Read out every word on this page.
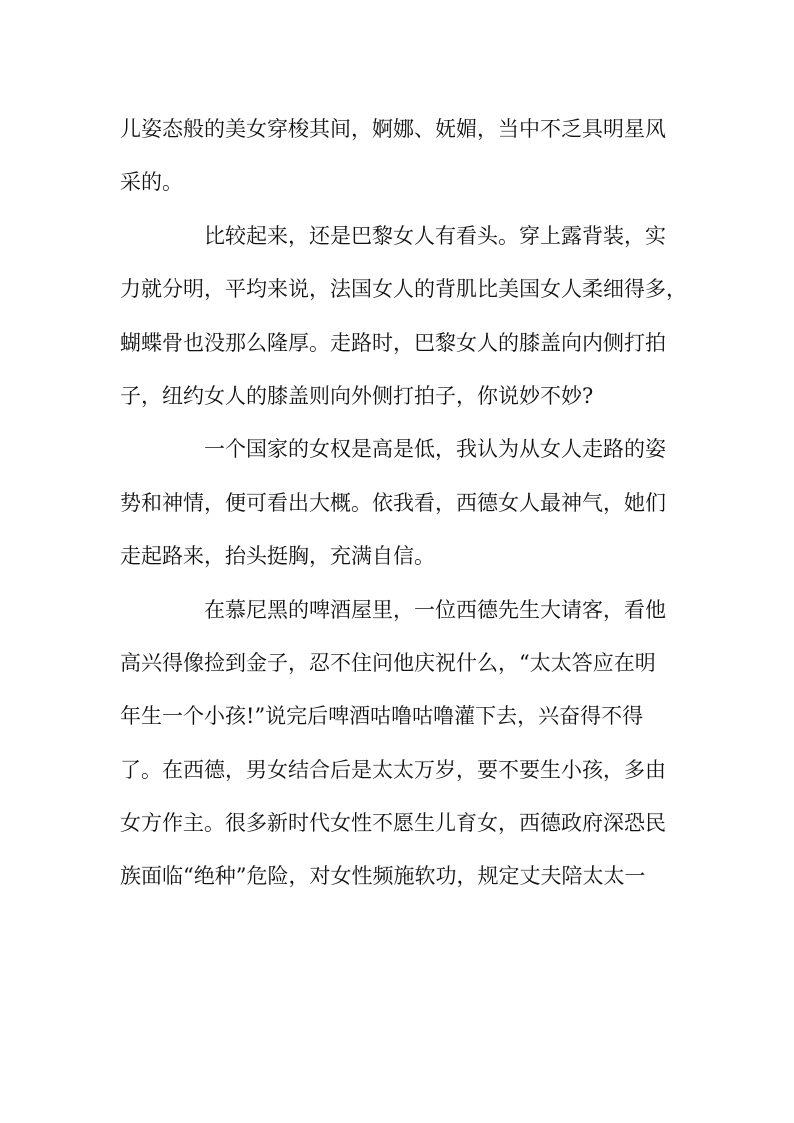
儿姿态般的美女穿梭其间，婀娜、妩媚，当中不乏具明星风
采的。
比较起来，还是巴黎女人有看头。穿上露背装，实
力就分明，平均来说，法国女人的背肌比美国女人柔细得多，
蝴蝶骨也没那么隆厚。走路时，巴黎女人的膝盖向内侧打拍
子，纽约女人的膝盖则向外侧打拍子，你说妙不妙?
一个国家的女权是高是低，我认为从女人走路的姿
势和神情，便可看出大概。依我看，西德女人最神气，她们
走起路来，抬头挺胸，充满自信。
在慕尼黑的啤酒屋里，一位西德先生大请客，看他
高兴得像捡到金子，忍不住问他庆祝什么，“太太答应在明
年生一个小孩!”说完后啤酒咕噜咕噜灌下去，兴奋得不得
了。在西德，男女结合后是太太万岁，要不要生小孩，多由
女方作主。很多新时代女性不愿生儿育女，西德政府深恐民
族面临“绝种”危险，对女性频施软功，规定丈夫陪太太一
